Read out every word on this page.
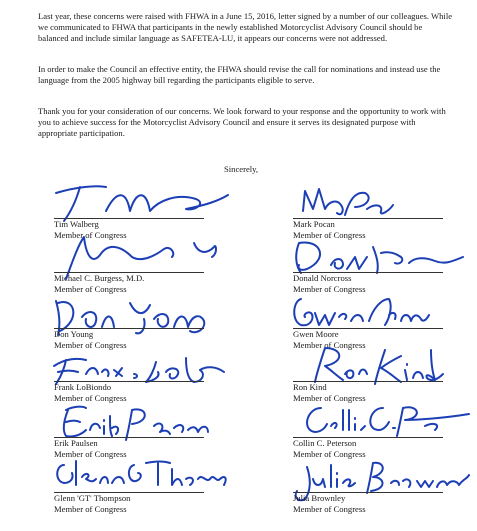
Last year, these concerns were raised with FHWA in a June 15, 2016, letter signed by a number of our colleagues. While we communicated to FHWA that participants in the newly established Motorcyclist Advisory Council should be balanced and include similar language as SAFETEA-LU, it appears our concerns were not addressed.

In order to make the Council an effective entity, the FHWA should revise the call for nominations and instead use the language from the 2005 highway bill regarding the participants eligible to serve.

Thank you for your consideration of our concerns. We look forward to your response and the opportunity to work with you to achieve success for the Motorcyclist Advisory Council and ensure it serves its designated purpose with appropriate participation.

Sincerely,
Tim Walberg
Member of Congress
Michael C. Burgess, M.D.
Member of Congress
Don Young
Member of Congress
Frank LoBiondo
Member of Congress
Erik Paulsen
Member of Congress
Glenn 'GT' Thompson
Member of Congress
Mark Pocan
Member of Congress
Donald Norcross
Member of Congress
Gwen Moore
Member of Congress
Ron Kind
Member of Congress
Collin C. Peterson
Member of Congress
Julia Brownley
Member of Congress
